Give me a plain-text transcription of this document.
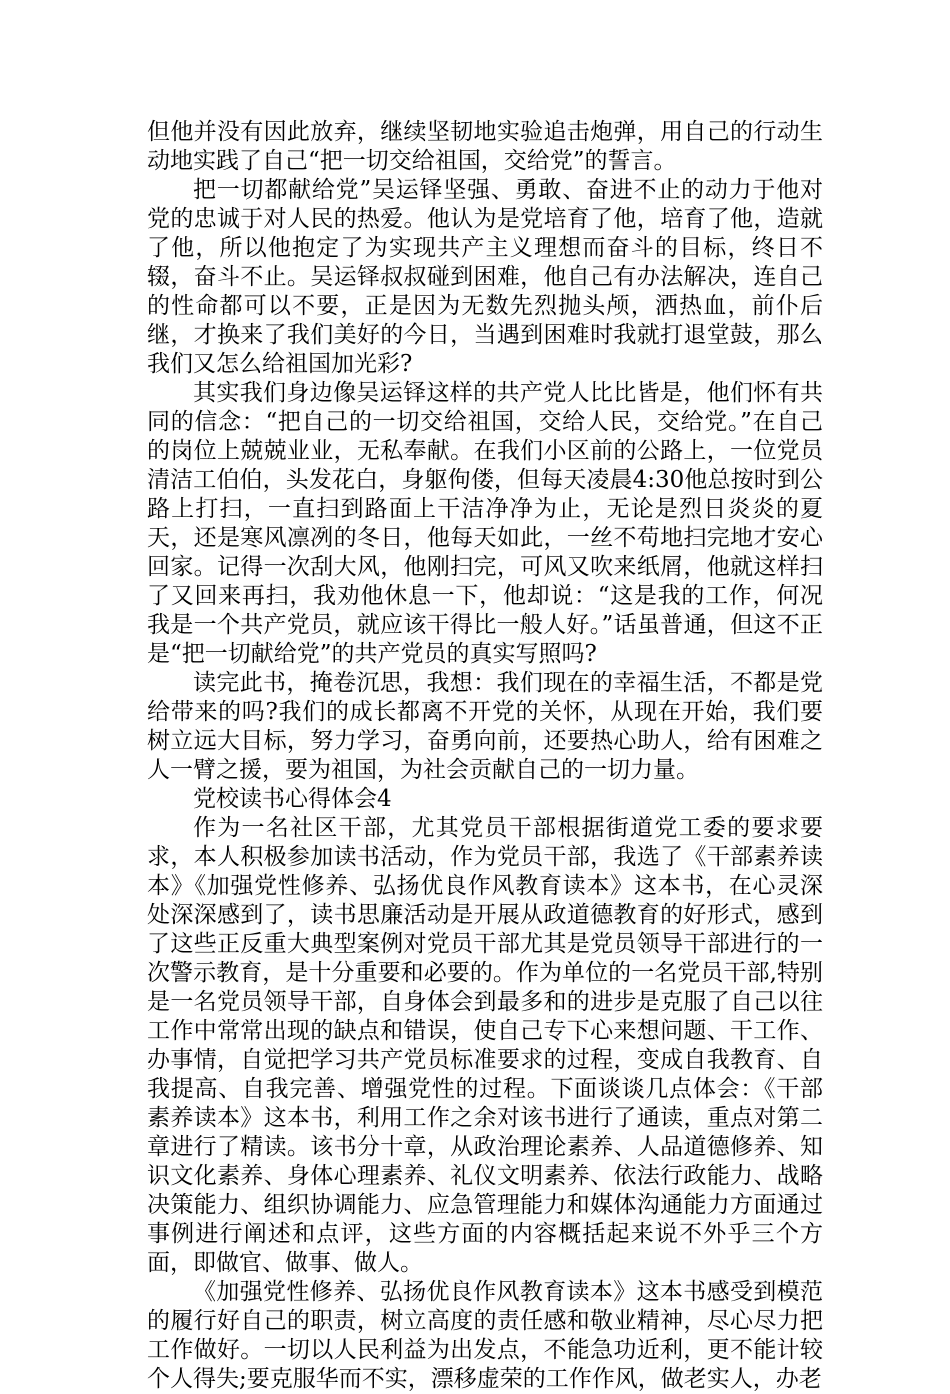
但他并没有因此放弃，继续坚韧地实验追击炮弹，用自己的行动生动地实践了自己“把一切交给祖国，交给党”的誓言。

把一切都献给党”吴运铎坚强、勇敢、奋进不止的动力于他对党的忠诚于对人民的热爱。他认为是党培育了他，培育了他，造就了他，所以他抱定了为实现共产主义理想而奋斗的目标，终日不辍，奋斗不止。吴运铎叔叔碰到困难，他自己有办法解决，连自己的性命都可以不要，正是因为无数先烈抛头颅，洒热血，前仆后继，才换来了我们美好的今日，当遇到困难时我就打退堂鼓，那么我们又怎么给祖国加光彩?

其实我们身边像吴运铎这样的共产党人比比皆是，他们怀有共同的信念：“把自己的一切交给祖国，交给人民，交给党。”在自己的岗位上兢兢业业，无私奉献。在我们小区前的公路上，一位党员清洁工伯伯，头发花白，身躯佝偻，但每天凌晨4:30他总按时到公路上打扫，一直扫到路面上干洁净净为止，无论是烈日炎炎的夏天，还是寒风凛冽的冬日，他每天如此，一丝不苟地扫完地才安心回家。记得一次刮大风，他刚扫完，可风又吹来纸屑，他就这样扫了又回来再扫，我劝他休息一下，他却说：“这是我的工作，何况我是一个共产党员，就应该干得比一般人好。”话虽普通，但这不正是“把一切献给党”的共产党员的真实写照吗?

读完此书，掩卷沉思，我想：我们现在的幸福生活，不都是党给带来的吗?我们的成长都离不开党的关怀，从现在开始，我们要树立远大目标，努力学习，奋勇向前，还要热心助人，给有困难之人一臂之援，要为祖国，为社会贡献自己的一切力量。

党校读书心得体会4

作为一名社区干部，尤其党员干部根据街道党工委的要求要求，本人积极参加读书活动，作为党员干部，我选了《干部素养读本》《加强党性修养、弘扬优良作风教育读本》这本书，在心灵深处深深感到了，读书思廉活动是开展从政道德教育的好形式，感到了这些正反重大典型案例对党员干部尤其是党员领导干部进行的一次警示教育，是十分重要和必要的。作为单位的一名党员干部,特别是一名党员领导干部，自身体会到最多和的进步是克服了自己以往工作中常常出现的缺点和错误，使自己专下心来想问题、干工作、办事情，自觉把学习共产党员标准要求的过程，变成自我教育、自我提高、自我完善、增强党性的过程。下面谈谈几点体会：《干部素养读本》这本书，利用工作之余对该书进行了通读，重点对第二章进行了精读。该书分十章，从政治理论素养、人品道德修养、知识文化素养、身体心理素养、礼仪文明素养、依法行政能力、战略决策能力、组织协调能力、应急管理能力和媒体沟通能力方面通过事例进行阐述和点评，这些方面的内容概括起来说不外乎三个方面，即做官、做事、做人。

《加强党性修养、弘扬优良作风教育读本》这本书感受到模范的履行好自己的职责，树立高度的责任感和敬业精神，尽心尽力把工作做好。一切以人民利益为出发点，不能急功近利，更不能计较个人得失;要克服华而不实，漂移虚荣的工作作风，做老实人，办老
